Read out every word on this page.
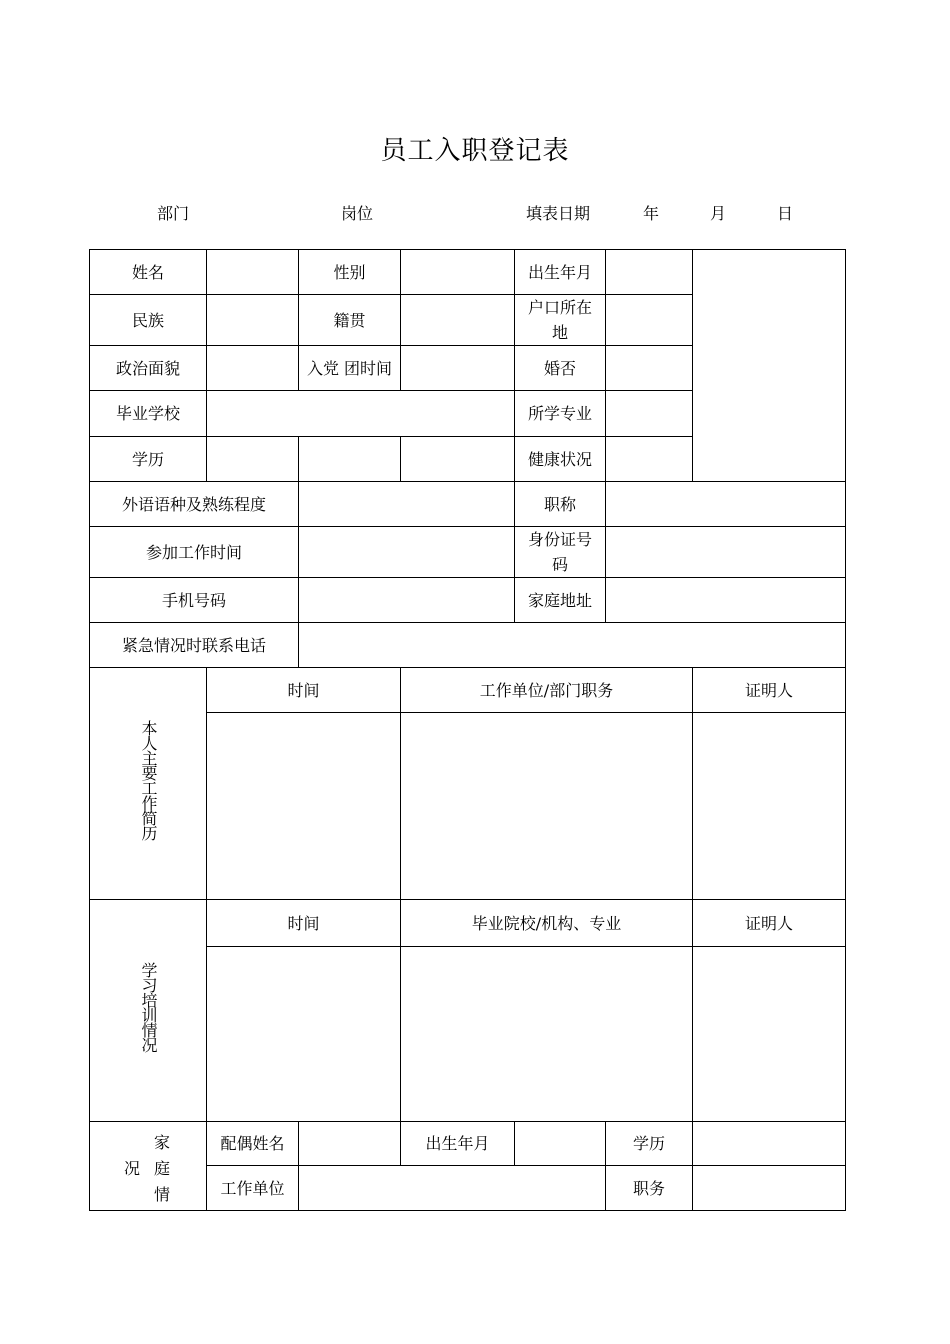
员工入职登记表
部门	岗位	填表日期	年	月	日
姓名		性别		出生年月		
民族		籍贯		户口所在地		
政治面貌		入党 团时间		婚否		
毕业学校				所学专业		
学历				健康状况		
外语语种及熟练程度				职称		
参加工作时间				身份证号码		
手机号码				家庭地址		
紧急情况时联系电话						
本人主要工作简历	时间		工作单位/部门职务			证明人

学习培训情况	时间		毕业院校/机构、专业			证明人

家
况 庭
情	配偶姓名		出生年月		学历	
	工作单位				职务	
